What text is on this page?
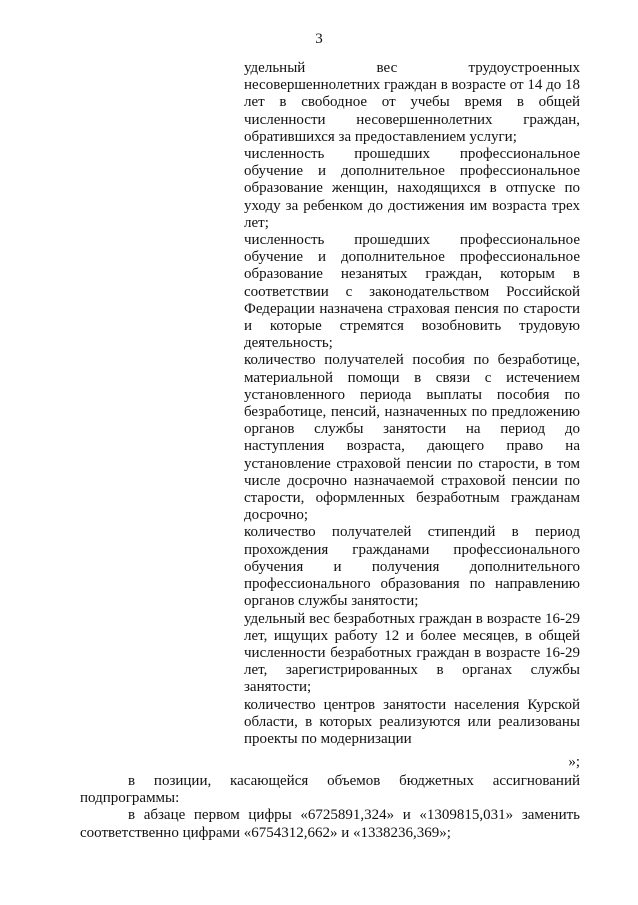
3

удельный вес трудоустроенных несовершеннолетних граждан в возрасте от 14 до 18 лет в свободное от учебы время в общей численности несовершеннолетних граждан, обратившихся за предоставлением услуги;

численность прошедших профессиональное обучение и дополнительное профессиональное образование женщин, находящихся в отпуске по уходу за ребенком до достижения им возраста трех лет;

численность прошедших профессиональное обучение и дополнительное профессиональное образование незанятых граждан, которым в соответствии с законодательством Российской Федерации назначена страховая пенсия по старости и которые стремятся возобновить трудовую деятельность;

количество получателей пособия по безработице, материальной помощи в связи с истечением установленного периода выплаты пособия по безработице, пенсий, назначенных по предложению органов службы занятости на период до наступления возраста, дающего право на установление страховой пенсии по старости, в том числе досрочно назначаемой страховой пенсии по старости, оформленных безработным гражданам досрочно;

количество получателей стипендий в период прохождения гражданами профессионального обучения и получения дополнительного профессионального образования по направлению органов службы занятости;

удельный вес безработных граждан в возрасте 16-29 лет, ищущих работу 12 и более месяцев, в общей численности безработных граждан в возрасте 16-29 лет, зарегистрированных в органах службы занятости;

количество центров занятости населения Курской области, в которых реализуются или реализованы проекты по модернизации

»;

в позиции, касающейся объемов бюджетных ассигнований подпрограммы:

в абзаце первом цифры «6725891,324» и «1309815,031» заменить соответственно цифрами «6754312,662» и «1338236,369»;
